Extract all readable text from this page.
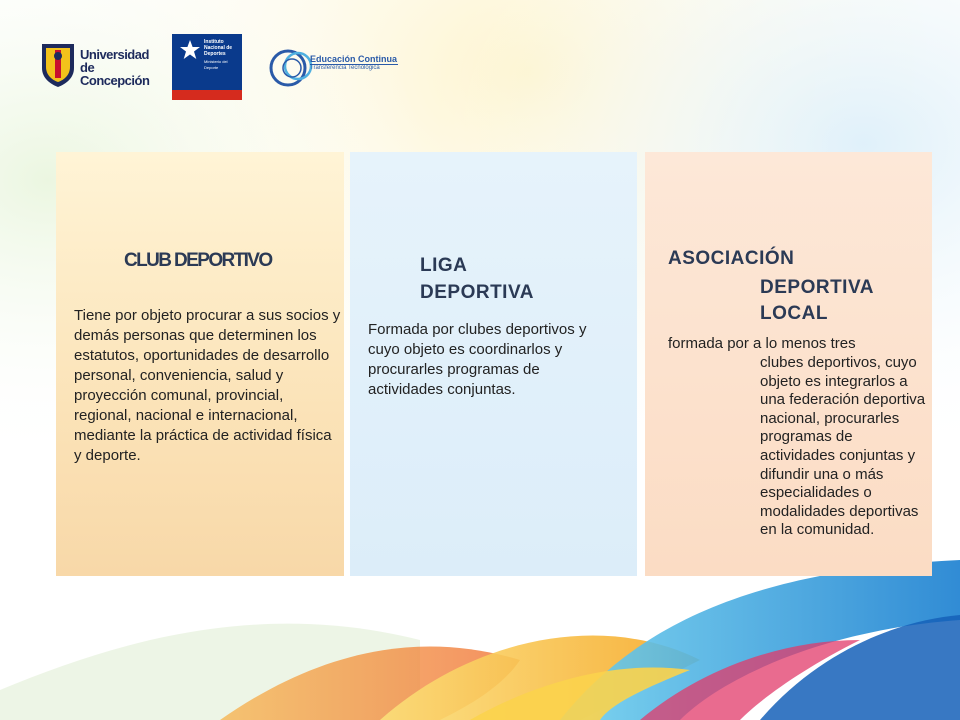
Universidad
de Concepción
Instituto
Nacional de
Deportes
Ministerio del Deporte
Educación Continua
Transferencia Tecnológica
CLUB DEPORTIVO
Tiene por objeto procurar a sus socios y demás personas que determinen los estatutos, oportunidades de desarrollo personal, conveniencia, salud y proyección comunal, provincial, regional, nacional e internacional, mediante la práctica de actividad física y deporte.
LIGA DEPORTIVA
Formada por clubes deportivos y cuyo objeto es coordinarlos y procurarles programas de actividades conjuntas.
ASOCIACIÓN
DEPORTIVA LOCAL
formada por a lo menos tres
clubes deportivos, cuyo objeto es integrarlos a una federación deportiva nacional, procurarles programas de actividades conjuntas y difundir una o más especialidades o modalidades deportivas en la comunidad.
